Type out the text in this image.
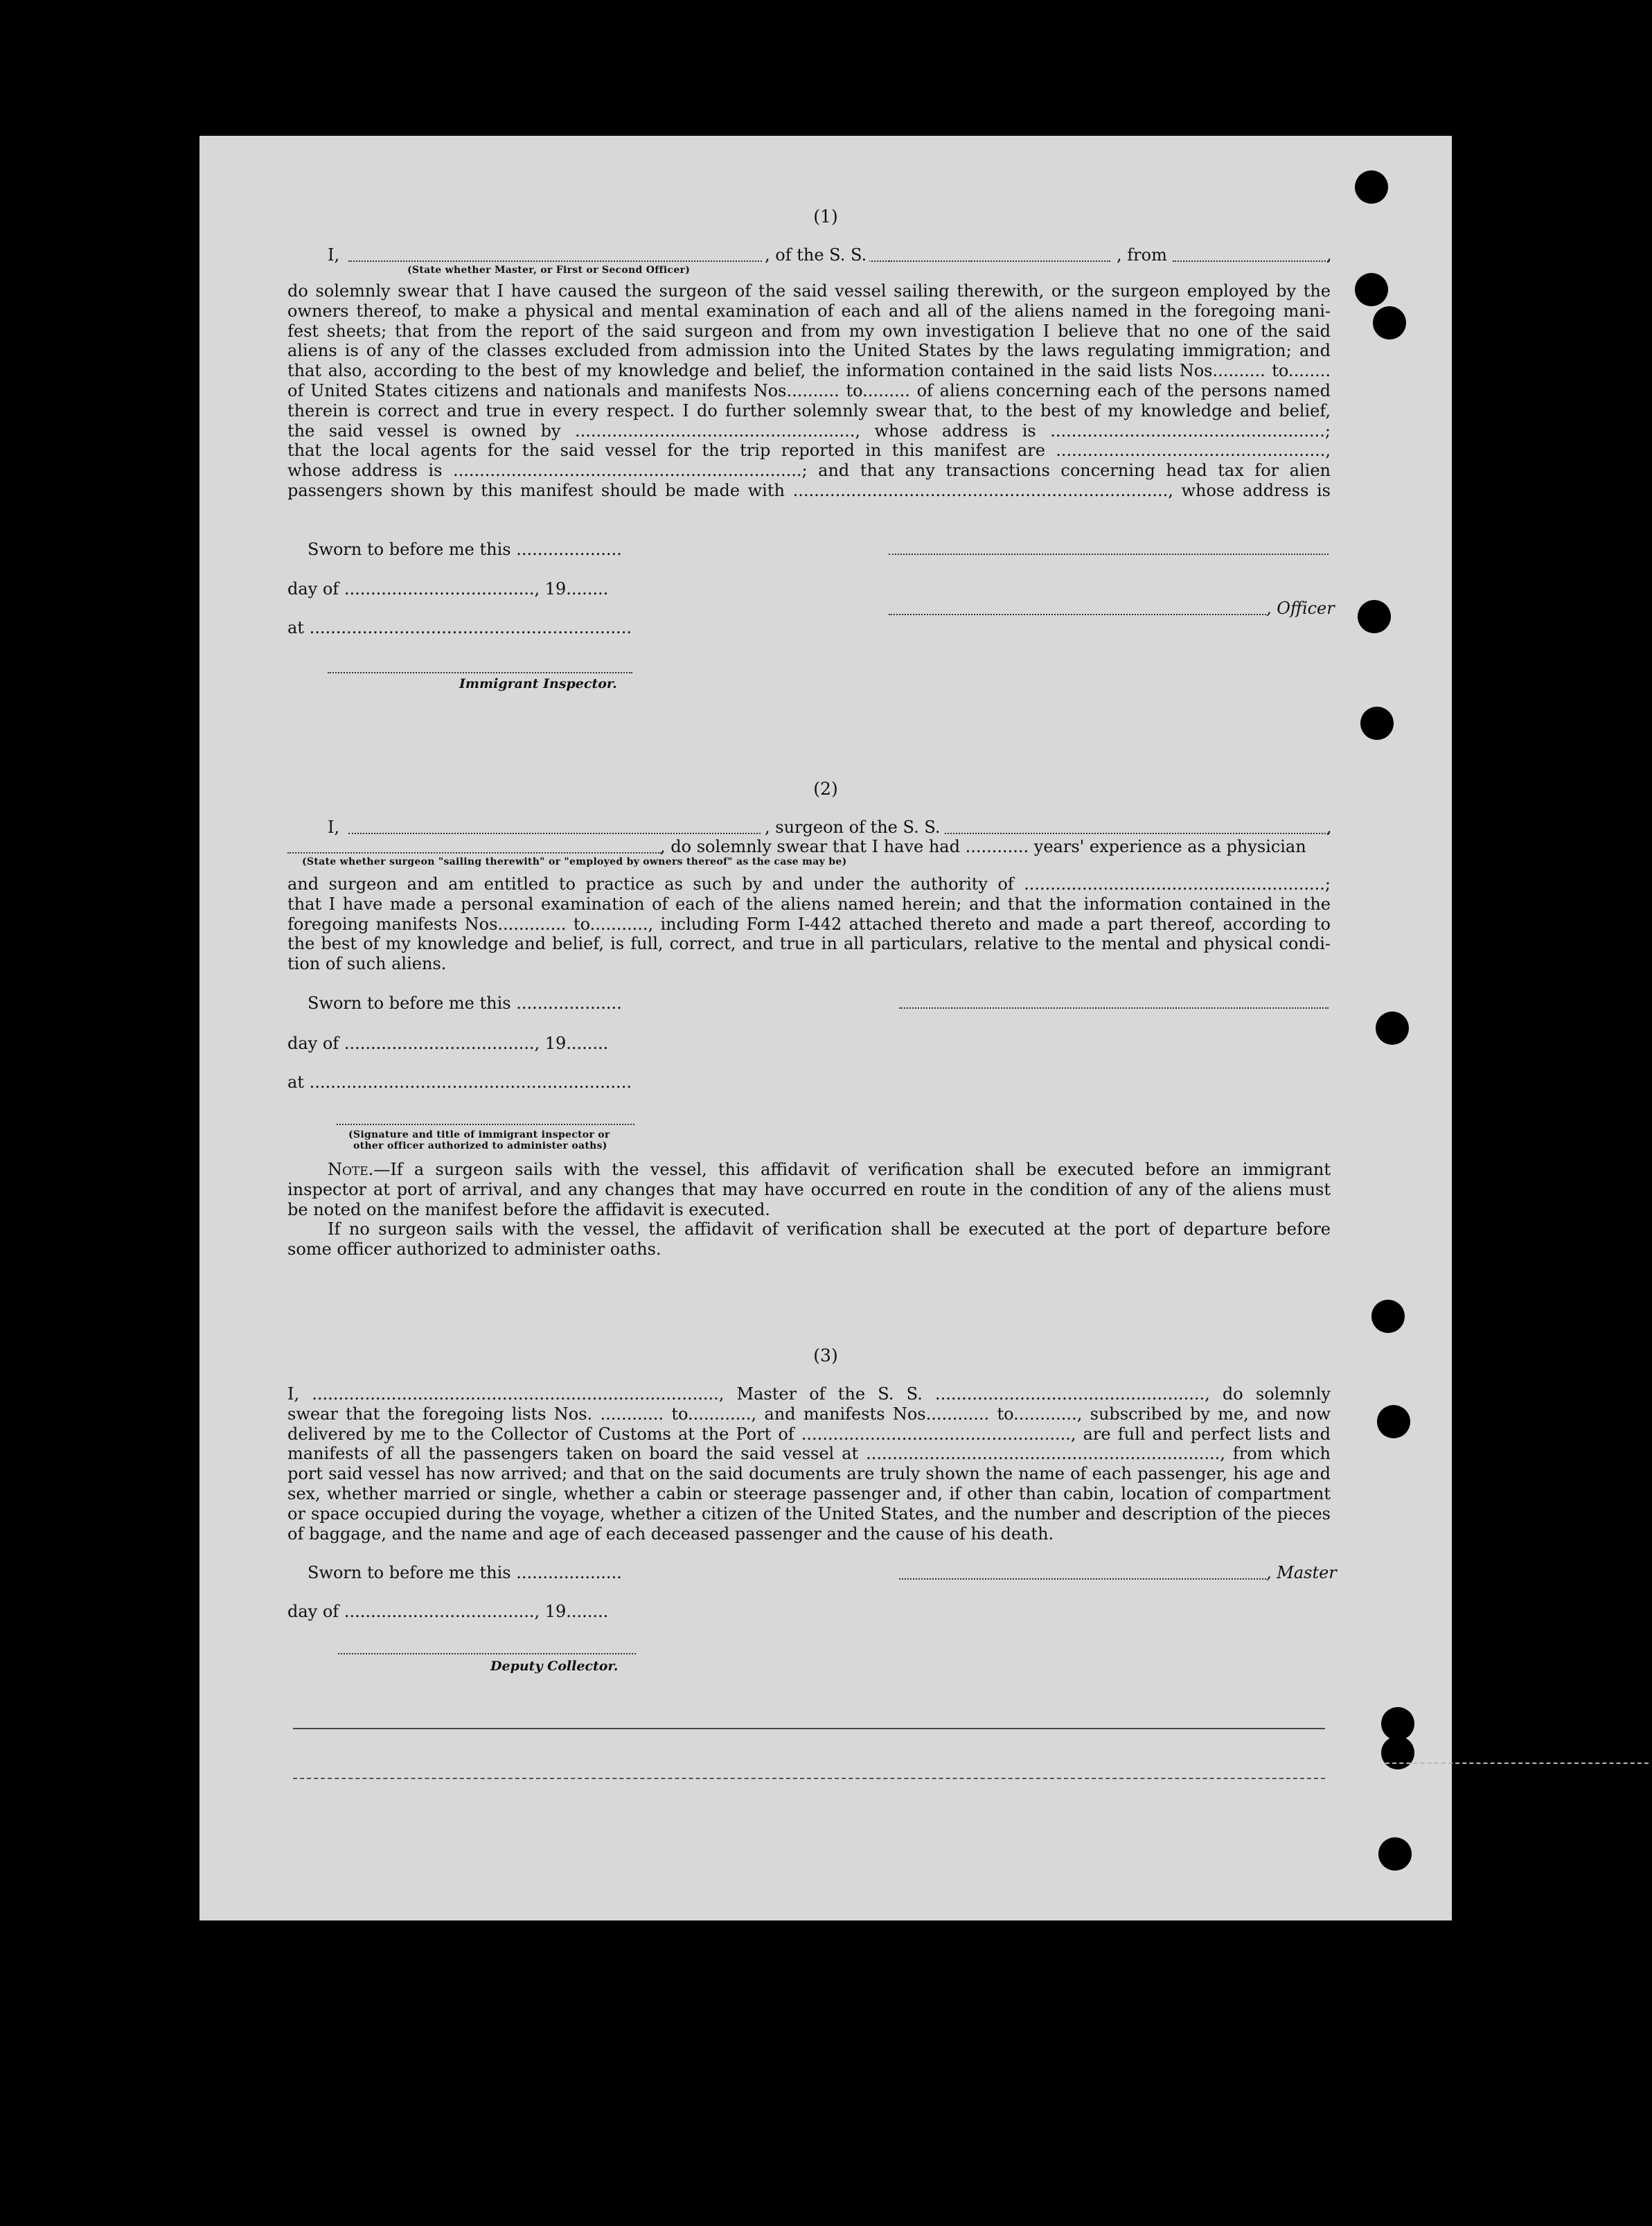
(1)
I,	, of the S. S.	, from	,
(State whether Master, or First or Second Officer)
do solemnly swear that I have caused the surgeon of the said vessel sailing therewith, or the surgeon employed by the
owners thereof, to make a physical and mental examination of each and all of the aliens named in the foregoing mani-
fest sheets; that from the report of the said surgeon and from my own investigation I believe that no one of the said
aliens is of any of the classes excluded from admission into the United States by the laws regulating immigration; and
that also, according to the best of my knowledge and belief, the information contained in the said lists Nos.......... to........
of United States citizens and nationals and manifests Nos.......... to......... of aliens concerning each of the persons named
therein is correct and true in every respect. I do further solemnly swear that, to the best of my knowledge and belief,
the said vessel is owned by ....................................................., whose address is ....................................................;
that the local agents for the said vessel for the trip reported in this manifest are ...................................................,
whose address is ..................................................................; and that any transactions concerning head tax for alien
passengers shown by this manifest should be made with ......................................................................., whose address is
Sworn to before me this ....................
day of ...................................., 19........
, Officer
at .............................................................
Immigrant Inspector.
(2)
I,	, surgeon of the S. S.	,
, do solemnly swear that I have had ............ years' experience as a physician
(State whether surgeon "sailing therewith" or "employed by owners thereof" as the case may be)
and surgeon and am entitled to practice as such by and under the authority of .........................................................;
that I have made a personal examination of each of the aliens named herein; and that the information contained in the
foregoing manifests Nos............. to..........., including Form I-442 attached thereto and made a part thereof, according to
the best of my knowledge and belief, is full, correct, and true in all particulars, relative to the mental and physical condi-
tion of such aliens.
Sworn to before me this ....................
day of ...................................., 19........
at .............................................................
(Signature and title of immigrant inspector or
other officer authorized to administer oaths)
Note.—If a surgeon sails with the vessel, this affidavit of verification shall be executed before an immigrant
inspector at port of arrival, and any changes that may have occurred en route in the condition of any of the aliens must
be noted on the manifest before the affidavit is executed.
If no surgeon sails with the vessel, the affidavit of verification shall be executed at the port of departure before
some officer authorized to administer oaths.
(3)
I, ............................................................................., Master of the S. S. ..................................................., do solemnly
swear that the foregoing lists Nos. ............ to............, and manifests Nos............ to............, subscribed by me, and now
delivered by me to the Collector of Customs at the Port of ..................................................., are full and perfect lists and
manifests of all the passengers taken on board the said vessel at ..................................................................., from which
port said vessel has now arrived; and that on the said documents are truly shown the name of each passenger, his age and
sex, whether married or single, whether a cabin or steerage passenger and, if other than cabin, location of compartment
or space occupied during the voyage, whether a citizen of the United States, and the number and description of the pieces
of baggage, and the name and age of each deceased passenger and the cause of his death.
Sworn to before me this ....................	, Master
day of ...................................., 19........
Deputy Collector.
